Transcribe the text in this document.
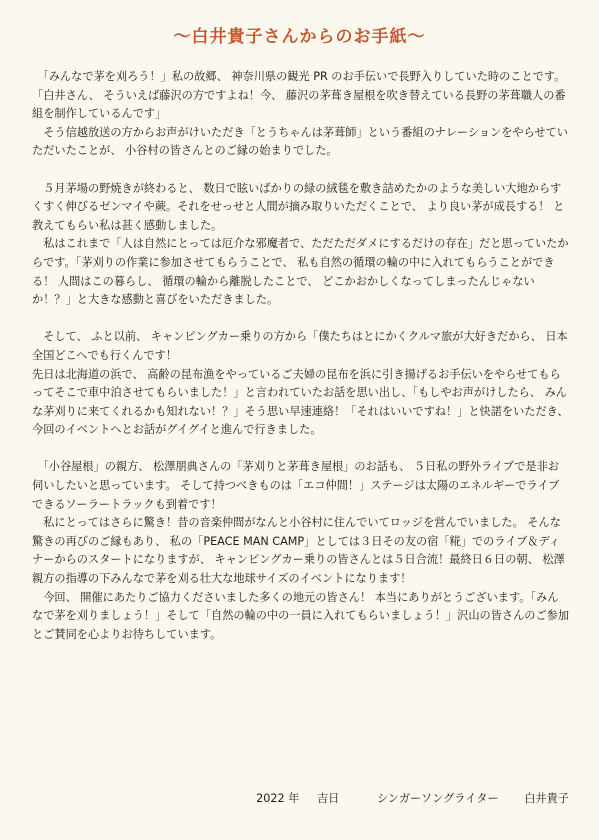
～白井貴子さんからのお手紙～

　「みんなで茅を刈ろう！」私の故郷、 神奈川県の観光 PR のお手伝いで長野入りしていた時のことです。「白井さん、 そういえば藤沢の方ですよね！今、 藤沢の茅葺き屋根を吹き替えている長野の茅葺職人の番組を制作しているんです」

　そう信越放送の方からお声がけいただき「とうちゃんは茅葺師」という番組のナレーションをやらせていただいたことが、 小谷村の皆さんとのご縁の始まりでした。

　５月茅場の野焼きが終わると、 数日で眩いばかりの緑の絨毯を敷き詰めたかのような美しい大地からすくすく伸びるゼンマイや蕨。それをせっせと人間が摘み取りいただくことで、 より良い茅が成長する！ と教えてもらい私は甚く感動しました。

　私はこれまで「人は自然にとっては厄介な邪魔者で、ただただダメにするだけの存在」だと思っていたからです。「茅刈りの作業に参加させてもらうことで、 私も自然の循環の輪の中に入れてもらうことができる！ 人間はこの暮らし、 循環の輪から離脱したことで、 どこかおかしくなってしまったんじゃないか！？」と大きな感動と喜びをいただきました。

　そして、 ふと以前、 キャンピングカー乗りの方から「僕たちはとにかくクルマ旅が大好きだから、 日本全国どこへでも行くんです！

先日は北海道の浜で、 高齢の昆布漁をやっているご夫婦の昆布を浜に引き揚げるお手伝いをやらせてもらってそこで車中泊させてもらいました！」と言われていたお話を思い出し、「もしやお声がけしたら、 みんな茅刈りに来てくれるかも知れない！？」そう思い早速連絡！「それはいいですね！」と快諾をいただき、 今回のイベントへとお話がグイグイと進んで行きました。

　「小谷屋根」の親方、 松澤朋典さんの「茅刈りと茅葺き屋根」のお話も、 ５日私の野外ライブで是非お伺いしたいと思っています。 そして持つべきものは「エコ仲間！」ステージは太陽のエネルギーでライブできるソーラートラックも到着です！

　私にとってはさらに驚き！昔の音楽仲間がなんと小谷村に住んでいてロッジを営んでいました。 そんな驚きの再びのご縁もあり、 私の「PEACE MAN CAMP」としては３日その友の宿「糀」でのライブ＆ディナーからのスタートになりますが、 キャンピングカー乗りの皆さんとは５日合流！最終日６日の朝、 松澤親方の指導の下みんなで茅を刈る壮大な地球サイズのイベントになります！

　今回、 開催にあたりご協力くださいました多くの地元の皆さん！ 本当にありがとうございます。「みんなで茅を刈りましょう！」そして「自然の輪の中の一員に入れてもらいましょう！」沢山の皆さんのご参加とご賛同を心よりお待ちしています。

2022 年 吉日	シンガーソングライター 白井貴子
